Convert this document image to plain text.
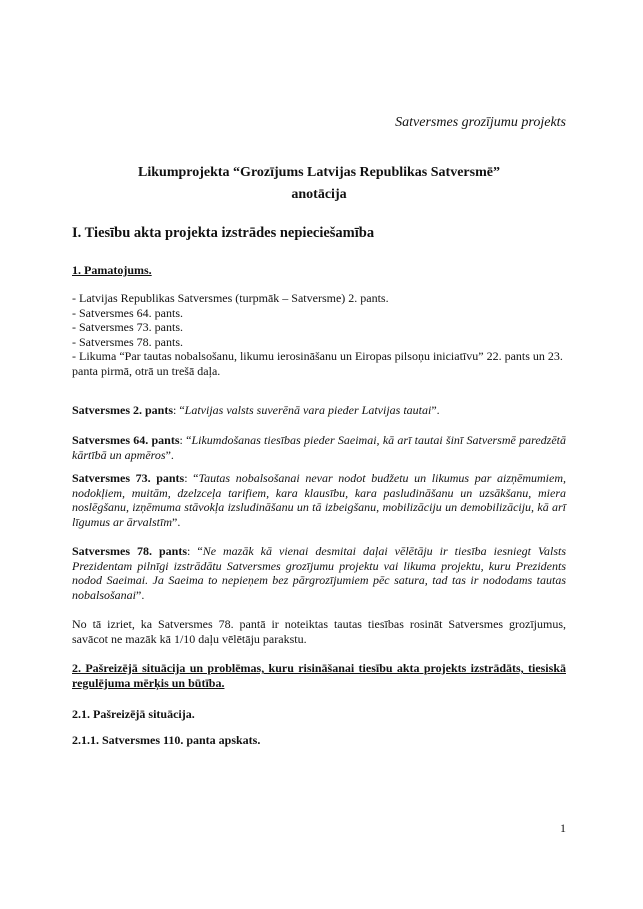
Satversmes grozījumu projekts
Likumprojekta “Grozījums Latvijas Republikas Satversmē”
anotācija
I. Tiesību akta projekta izstrādes nepieciešamība
1. Pamatojums.
- Latvijas Republikas Satversmes (turpmāk – Satversme) 2. pants.
- Satversmes 64. pants.
- Satversmes 73. pants.
- Satversmes 78. pants.
- Likuma “Par tautas nobalsošanu, likumu ierosināšanu un Eiropas pilsoņu iniciatīvu” 22. pants un 23. panta pirmā, otrā un trešā daļa.

Satversmes 2. pants: “Latvijas valsts suverēnā vara pieder Latvijas tautai”.

Satversmes 64. pants: “Likumdošanas tiesības pieder Saeimai, kā arī tautai šinī Satversmē paredzētā kārtībā un apmēros”.

Satversmes 73. pants: “Tautas nobalsošanai nevar nodot budžetu un likumus par aizņēmumiem, nodokļiem, muitām, dzelzceļa tarifiem, kara klausību, kara pasludināšanu un uzsākšanu, miera noslēgšanu, izņēmuma stāvokļa izsludināšanu un tā izbeigšanu, mobilizāciju un demobilizāciju, kā arī līgumus ar ārvalstīm”.

Satversmes 78. pants: “Ne mazāk kā vienai desmitai daļai vēlētāju ir tiesība iesniegt Valsts Prezidentam pilnīgi izstrādātu Satversmes grozījumu projektu vai likuma projektu, kuru Prezidents nodod Saeimai. Ja Saeima to nepieņem bez pārgrozījumiem pēc satura, tad tas ir nododams tautas nobalsošanai”.

No tā izriet, ka Satversmes 78. pantā ir noteiktas tautas tiesības rosināt Satversmes grozījumus, savācot ne mazāk kā 1/10 daļu vēlētāju parakstu.

2. Pašreizējā situācija un problēmas, kuru risināšanai tiesību akta projekts izstrādāts, tiesiskā regulējuma mērķis un būtība.

2.1. Pašreizējā situācija.
2.1.1. Satversmes 110. panta apskats.
1
